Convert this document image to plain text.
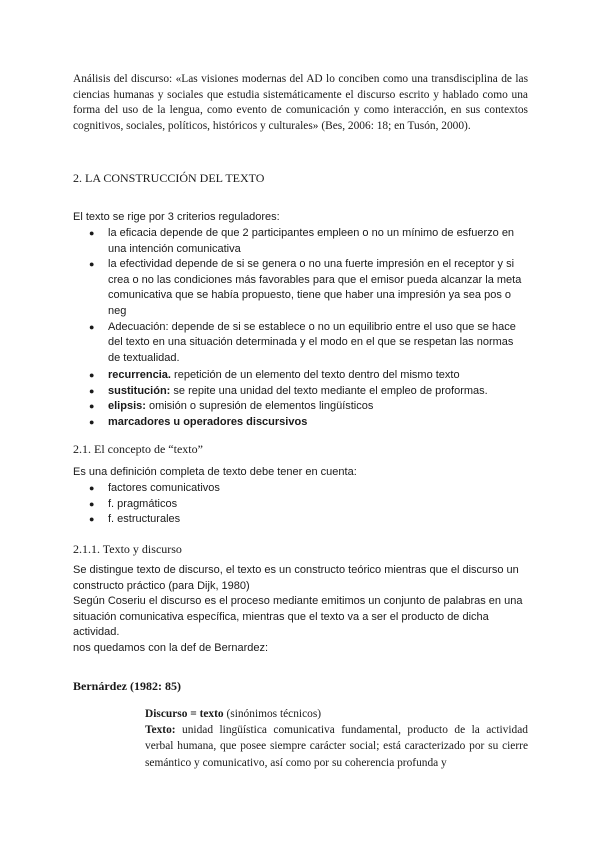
Análisis del discurso: «Las visiones modernas del AD lo conciben como una transdisciplina de las ciencias humanas y sociales que estudia sistemáticamente el discurso escrito y hablado como una forma del uso de la lengua, como evento de comunicación y como interacción, en sus contextos cognitivos, sociales, políticos, históricos y culturales» (Bes, 2006: 18; en Tusón, 2000).
2. LA CONSTRUCCIÓN DEL TEXTO
El texto se rige por 3 criterios reguladores:
● la eficacia depende de que 2 participantes empleen o no un mínimo de esfuerzo en una intención comunicativa
● la efectividad depende de si se genera o no una fuerte impresión en el receptor y si crea o no las condiciones más favorables para que el emisor pueda alcanzar la meta comunicativa que se había propuesto, tiene que haber una impresión ya sea pos o neg
● Adecuación: depende de si se establece o no un equilibrio entre el uso que se hace del texto en una situación determinada y el modo en el que se respetan las normas de textualidad.
● recurrencia. repetición de un elemento del texto dentro del mismo texto
● sustitución: se repite una unidad del texto mediante el empleo de proformas.
● elipsis: omisión o supresión de elementos lingüísticos
● marcadores u operadores discursivos
2.1. El concepto de “texto”
Es una definición completa de texto debe tener en cuenta:
● factores comunicativos
● f. pragmáticos
● f. estructurales
2.1.1. Texto y discurso
Se distingue texto de discurso, el texto es un constructo teórico mientras que el discurso un constructo práctico (para Dijk, 1980)
Según Coseriu el discurso es el proceso mediante emitimos un conjunto de palabras en una situación comunicativa específica, mientras que el texto va a ser el producto de dicha actividad.
nos quedamos con la def de Bernardez:
Bernárdez (1982: 85)
Discurso = texto (sinónimos técnicos)
Texto: unidad lingüística comunicativa fundamental, producto de la actividad verbal humana, que posee siempre carácter social; está caracterizado por su cierre semántico y comunicativo, así como por su coherencia profunda y
